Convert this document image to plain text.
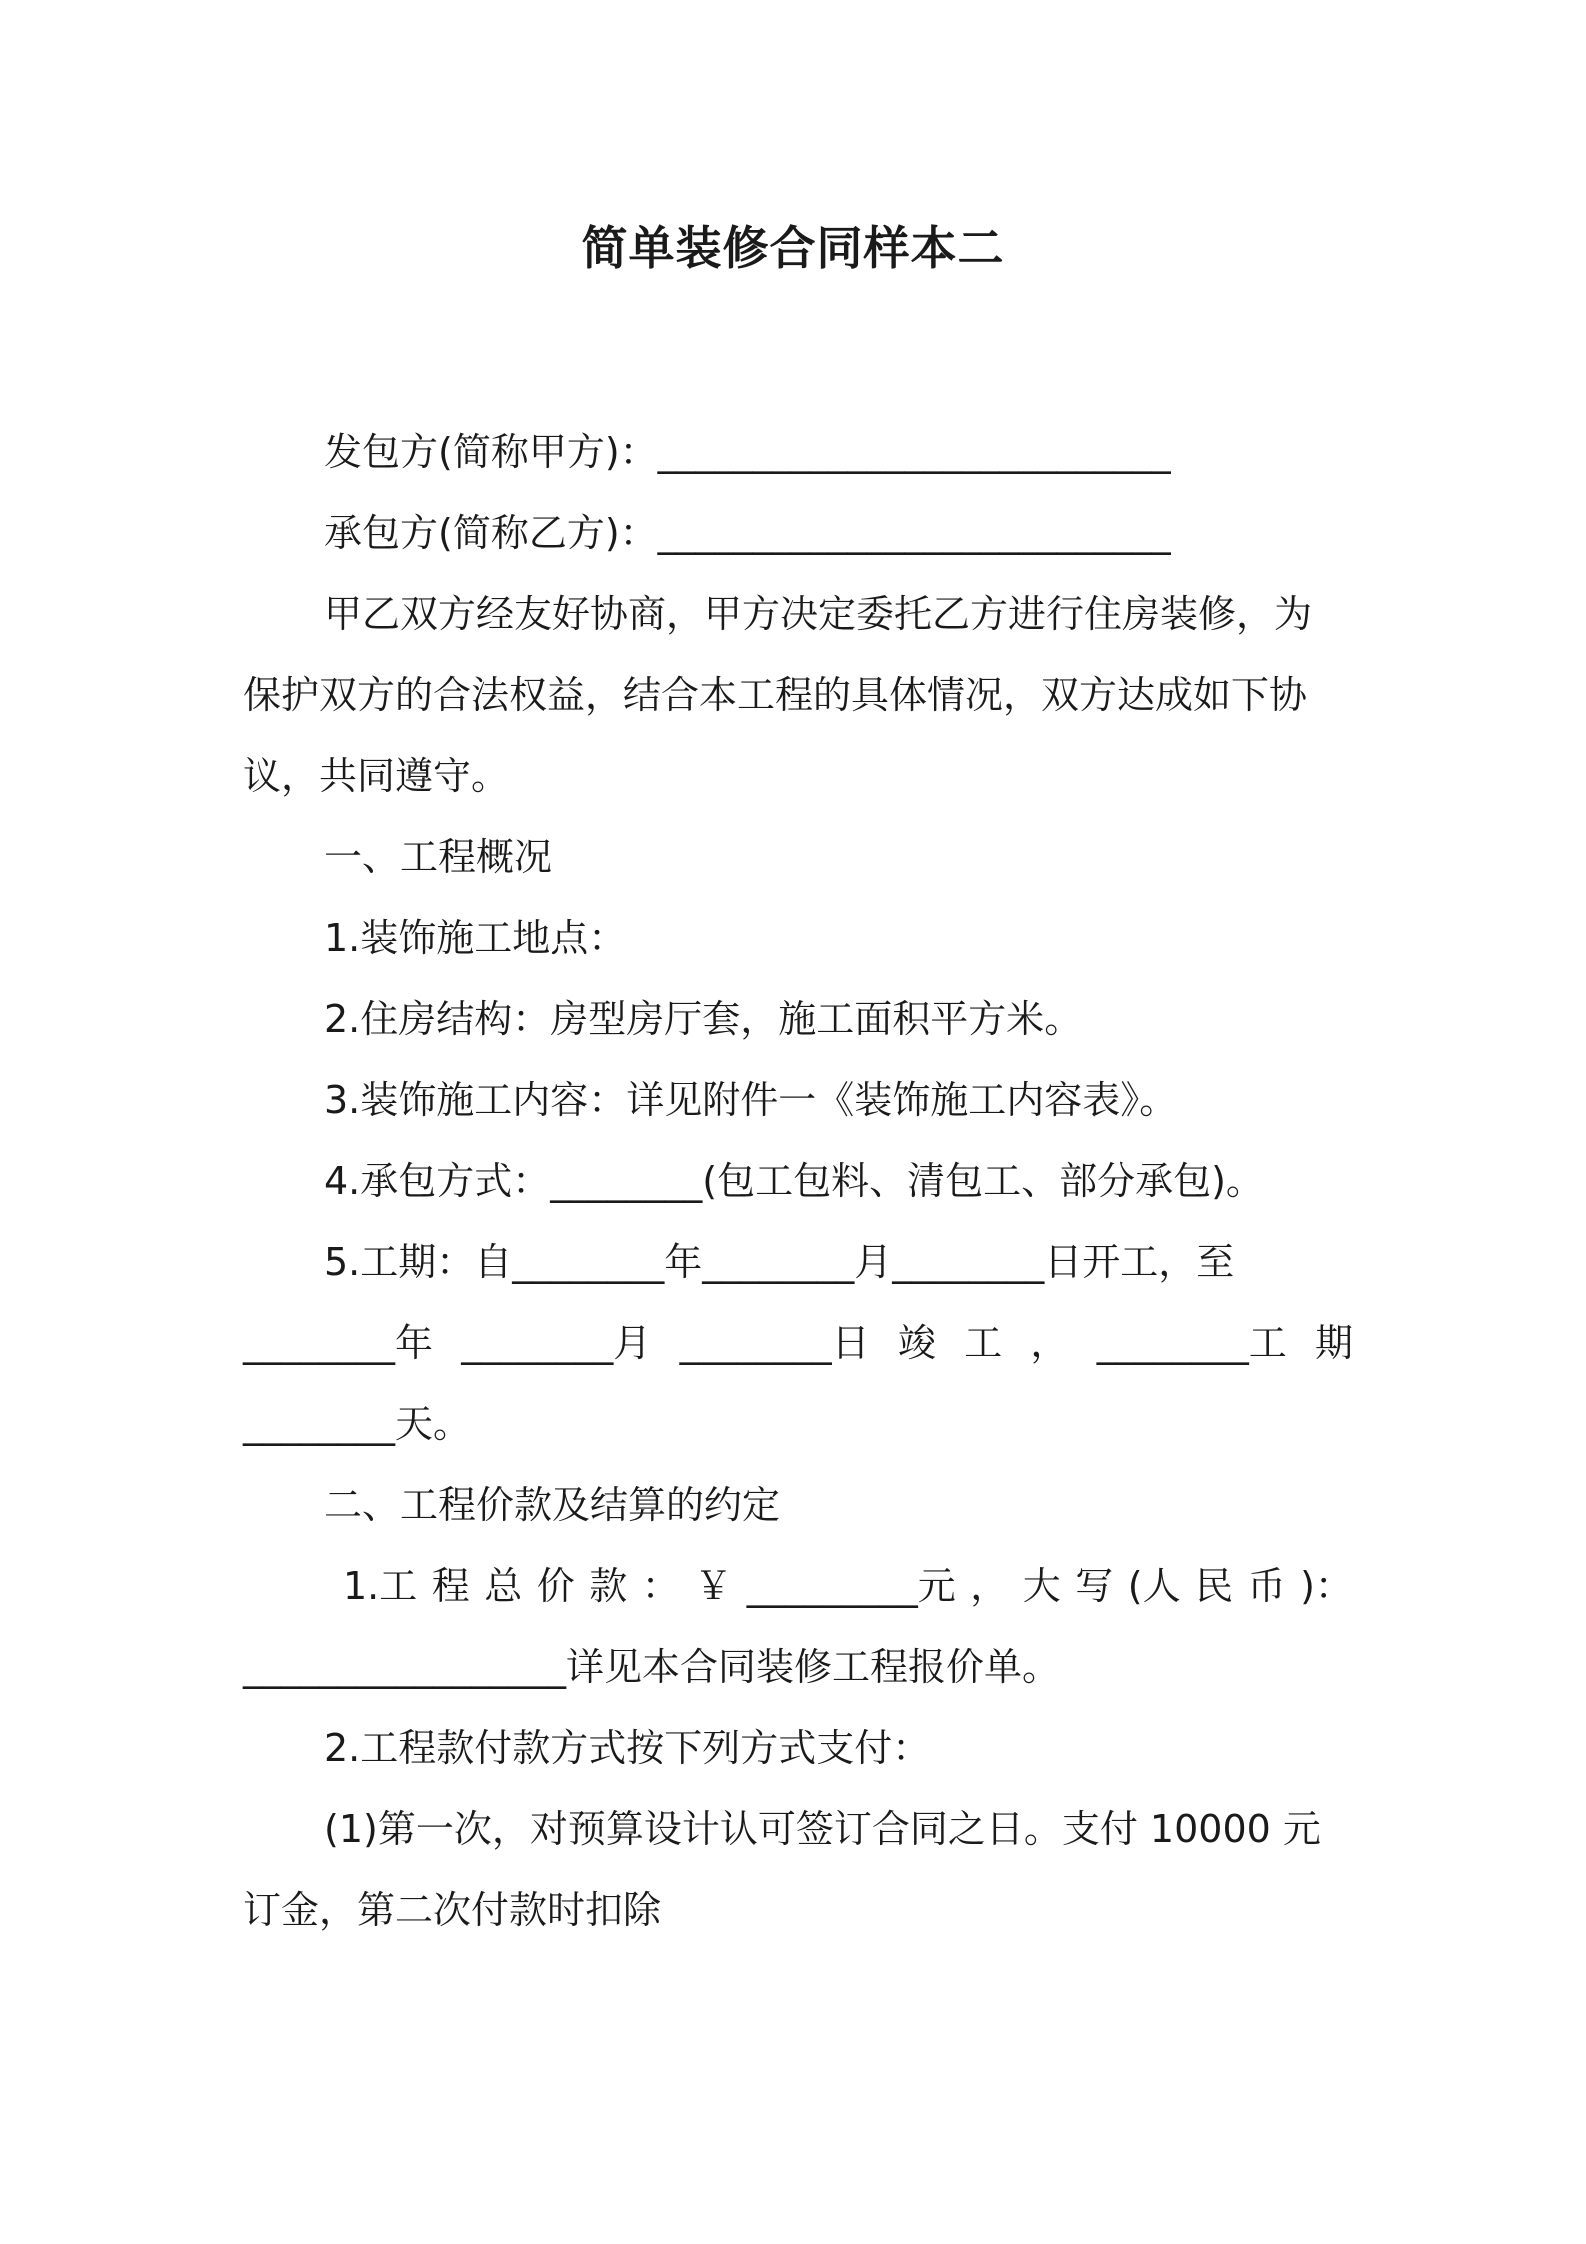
简单装修合同样本二
发包方(简称甲方)：___________________________
承包方(简称乙方)：___________________________
甲乙双方经友好协商，甲方决定委托乙方进行住房装修，为
保护双方的合法权益，结合本工程的具体情况，双方达成如下协
议，共同遵守。
一、工程概况
1.装饰施工地点：
2.住房结构：房型房厅套，施工面积平方米。
3.装饰施工内容：详见附件一《装饰施工内容表》。
4.承包方式：________(包工包料、清包工、部分承包)。
5.工期：自________年________月________日开工，至
________年 ________月 ________日 竣 工 ， ________工 期
________天。
二、工程价款及结算的约定
1.工 程 总 价 款 ： ￥ _________元 ， 大 写 (人 民 币 )：
_________________详见本合同装修工程报价单。
2.工程款付款方式按下列方式支付：
(1)第一次，对预算设计认可签订合同之日。支付 10000 元
订金，第二次付款时扣除
